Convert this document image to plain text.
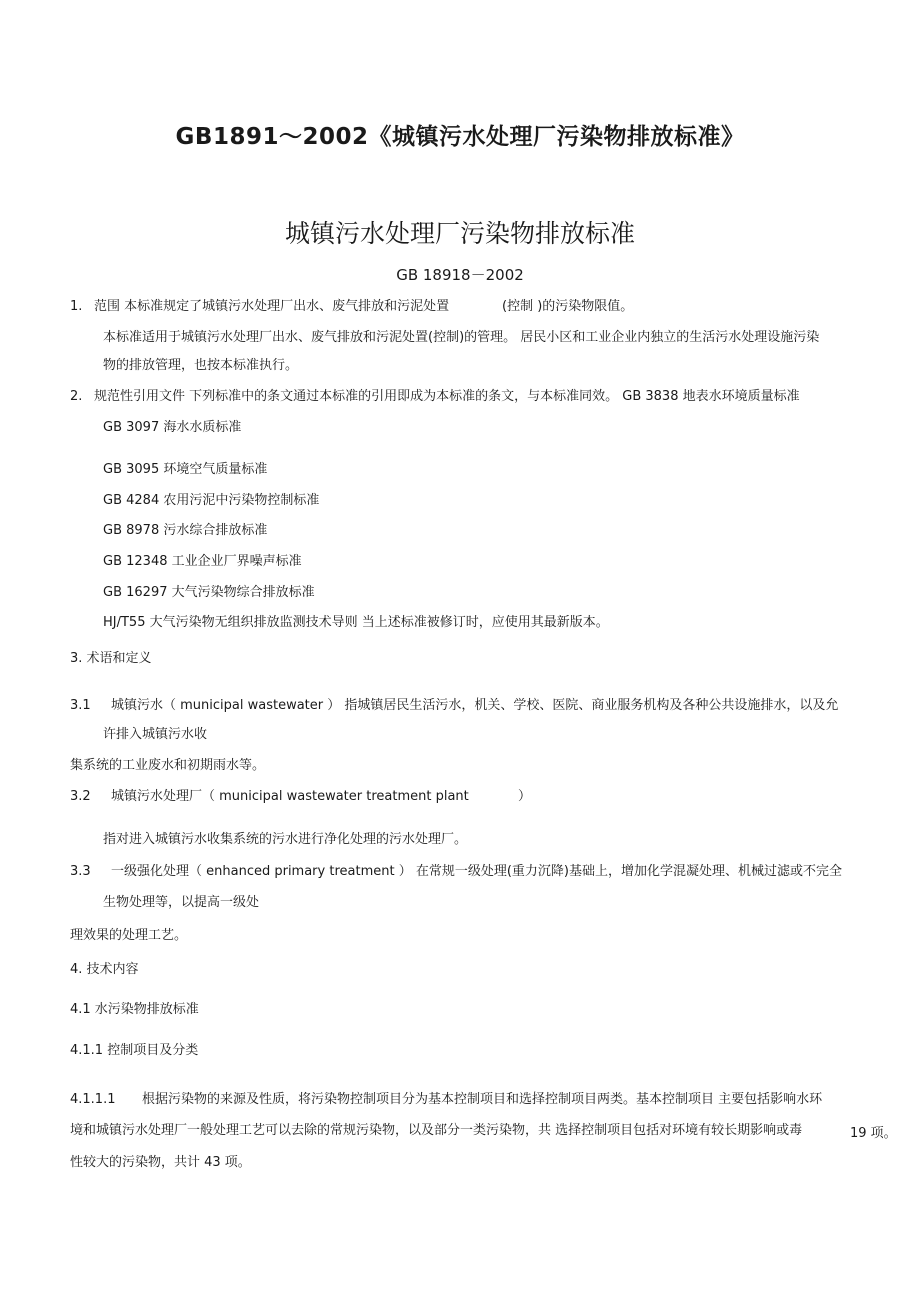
GB1891〜2002《城镇污水处理厂污染物排放标准》
城镇污水处理厂污染物排放标准
GB 18918－2002
1. 范围 本标准规定了城镇污水处理厂出水、废气排放和污泥处置	(控制 )的污染物限值。
本标准适用于城镇污水处理厂出水、废气排放和污泥处置(控制)的管理。 居民小区和工业企业内独立的生活污水处理设施污染
物的排放管理，也按本标准执行。
2. 规范性引用文件 下列标准中的条文通过本标准的引用即成为本标准的条文，与本标准同效。 GB 3838 地表水环境质量标准
GB 3097 海水水质标准
GB 3095 环境空气质量标准
GB 4284 农用污泥中污染物控制标准
GB 8978 污水综合排放标准
GB 12348 工业企业厂界噪声标准
GB 16297 大气污染物综合排放标准
HJ/T55 大气污染物无组织排放监测技术导则 当上述标准被修订时，应使用其最新版本。
3. 术语和定义
3.1 城镇污水（ municipal wastewater ） 指城镇居民生活污水，机关、学校、医院、商业服务机构及各种公共设施排水，以及允
许排入城镇污水收
集系统的工业废水和初期雨水等。
3.2 城镇污水处理厂（ municipal wastewater treatment plant	）
指对进入城镇污水收集系统的污水进行净化处理的污水处理厂。
3.3 一级强化处理（ enhanced primary treatment ） 在常规一级处理(重力沉降)基础上，增加化学混凝处理、机械过滤或不完全
生物处理等，以提高一级处
理效果的处理工艺。
4. 技术内容
4.1 水污染物排放标准
4.1.1 控制项目及分类
4.1.1.1 根据污染物的来源及性质，将污染物控制项目分为基本控制项目和选择控制项目两类。基本控制项目 主要包括影响水环
境和城镇污水处理厂一般处理工艺可以去除的常规污染物，以及部分一类污染物，共 选择控制项目包括对环境有较长期影响或毒	19 项。
性较大的污染物，共计 43 项。
